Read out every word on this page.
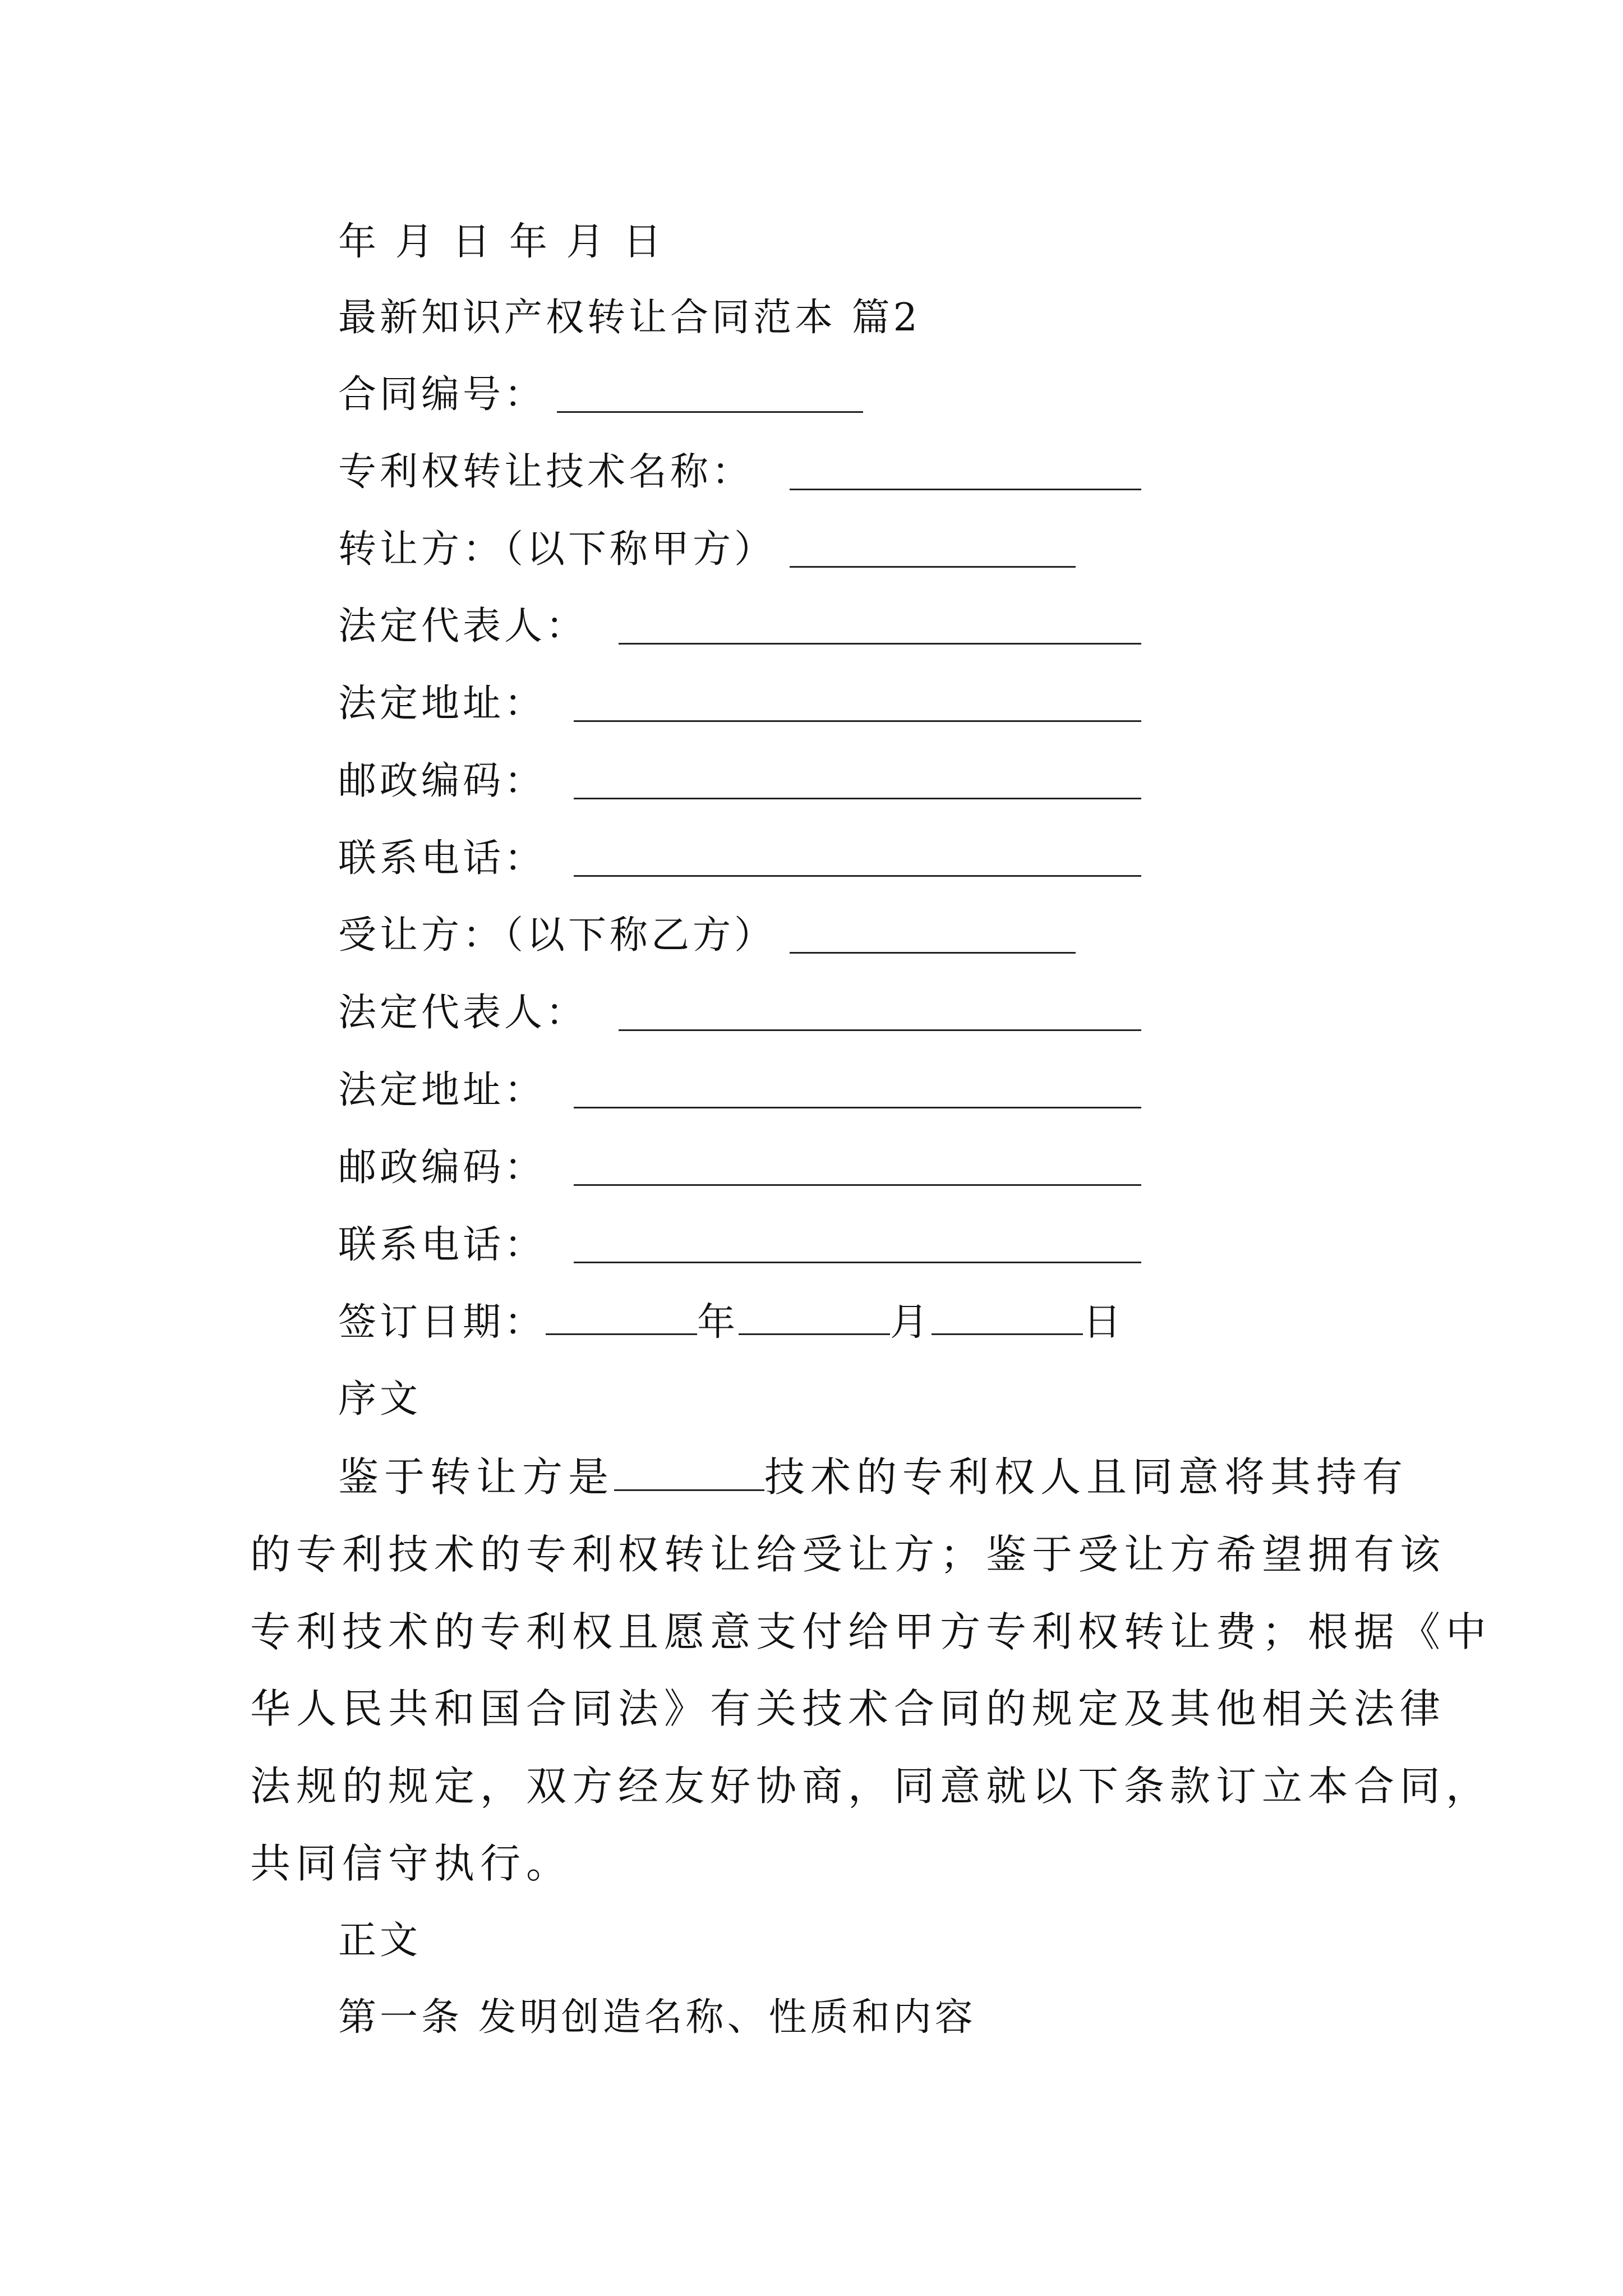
年 月 日 年 月 日
最新知识产权转让合同范本 篇2
合同编号：
专利权转让技术名称：
转让方：（以下称甲方）
法定代表人：
法定地址：
邮政编码：
联系电话：
受让方：（以下称乙方）
法定代表人：
法定地址：
邮政编码：
联系电话：
签订日期：	年	月	日
序文
鉴于转让方是	技术的专利权人且同意将其持有
的专利技术的专利权转让给受让方；鉴于受让方希望拥有该
专利技术的专利权且愿意支付给甲方专利权转让费；根据《中
华人民共和国合同法》有关技术合同的规定及其他相关法律
法规的规定，双方经友好协商，同意就以下条款订立本合同，
共同信守执行。
正文
第一条 发明创造名称、性质和内容
